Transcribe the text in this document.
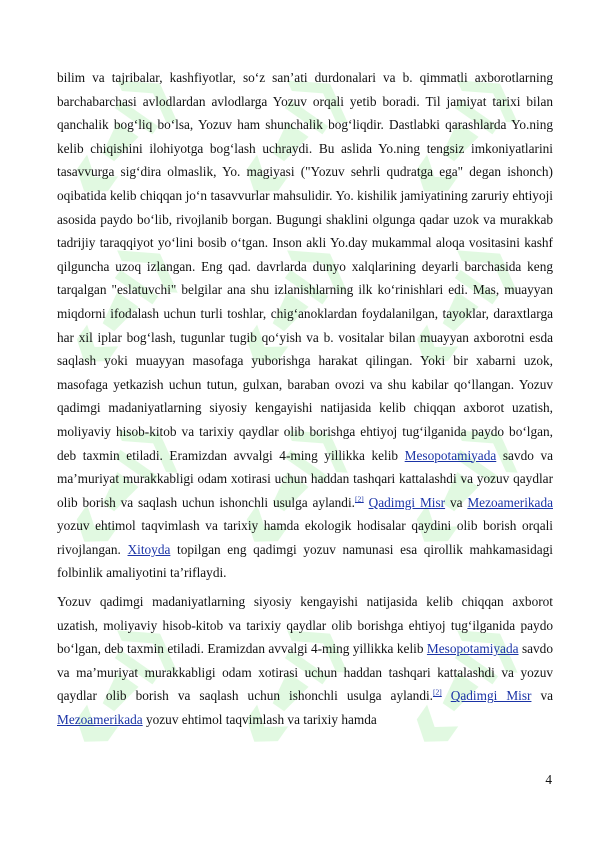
bilim va tajribalar, kashfiyotlar, so‘z san’ati durdonalari va b. qimmatli axborotlarning barchabarchasi avlodlardan avlodlarga Yozuv orqali yetib boradi. Til jamiyat tarixi bilan qanchalik bog‘liq bo‘lsa, Yozuv ham shunchalik bog‘liqdir. Dastlabki qarashlarda Yo.ning kelib chiqishini ilohiyotga bog‘lash uchraydi. Bu aslida Yo.ning tengsiz imkoniyatlarini tasavvurga sig‘dira olmaslik, Yo. magiyasi ("Yozuv sehrli qudratga ega" degan ishonch) oqibatida kelib chiqqan jo‘n tasavvurlar mahsulidir. Yo. kishilik jamiyatining zaruriy ehtiyoji asosida paydo bo‘lib, rivojlanib borgan. Bugungi shaklini olgunga qadar uzok va murakkab tadrijiy taraqqiyot yo‘lini bosib o‘tgan. Inson akli Yo.day mukammal aloqa vositasini kashf qilguncha uzoq izlangan. Eng qad. davrlarda dunyo xalqlarining deyarli barchasida keng tarqalgan "eslatuvchi" belgilar ana shu izlanishlarning ilk ko‘rinishlari edi. Mas, muayyan miqdorni ifodalash uchun turli toshlar, chig‘anoklardan foydalanilgan, tayoklar, daraxtlarga har xil iplar bog‘lash, tugunlar tugib qo‘yish va b. vositalar bilan muayyan axborotni esda saqlash yoki muayyan masofaga yuborishga harakat qilingan. Yoki bir xabarni uzok, masofaga yetkazish uchun tutun, gulxan, baraban ovozi va shu kabilar qo‘llangan. Yozuv qadimgi madaniyatlarning siyosiy kengayishi natijasida kelib chiqqan axborot uzatish, moliyaviy hisob-kitob va tarixiy qaydlar olib borishga ehtiyoj tug‘ilganida paydo bo‘lgan, deb taxmin etiladi. Eramizdan avvalgi 4-ming yillikka kelib Mesopotamiyada savdo va ma’muriyat murakkabligi odam xotirasi uchun haddan tashqari kattalashdi va yozuv qaydlar olib borish va saqlash uchun ishonchli usulga aylandi.[2] Qadimgi Misr va Mezoamerikada yozuv ehtimol taqvimlash va tarixiy hamda ekologik hodisalar qaydini olib borish orqali rivojlangan. Xitoyda topilgan eng qadimgi yozuv namunasi esa qirollik mahkamasidagi folbinlik amaliyotini ta’riflaydi.

Yozuv qadimgi madaniyatlarning siyosiy kengayishi natijasida kelib chiqqan axborot uzatish, moliyaviy hisob-kitob va tarixiy qaydlar olib borishga ehtiyoj tug‘ilganida paydo bo‘lgan, deb taxmin etiladi. Eramizdan avvalgi 4-ming yillikka kelib Mesopotamiyada savdo va ma’muriyat murakkabligi odam xotirasi uchun haddan tashqari kattalashdi va yozuv qaydlar olib borish va saqlash uchun ishonchli usulga aylandi.[2] Qadimgi Misr va Mezoamerikada yozuv ehtimol taqvimlash va tarixiy hamda

4
